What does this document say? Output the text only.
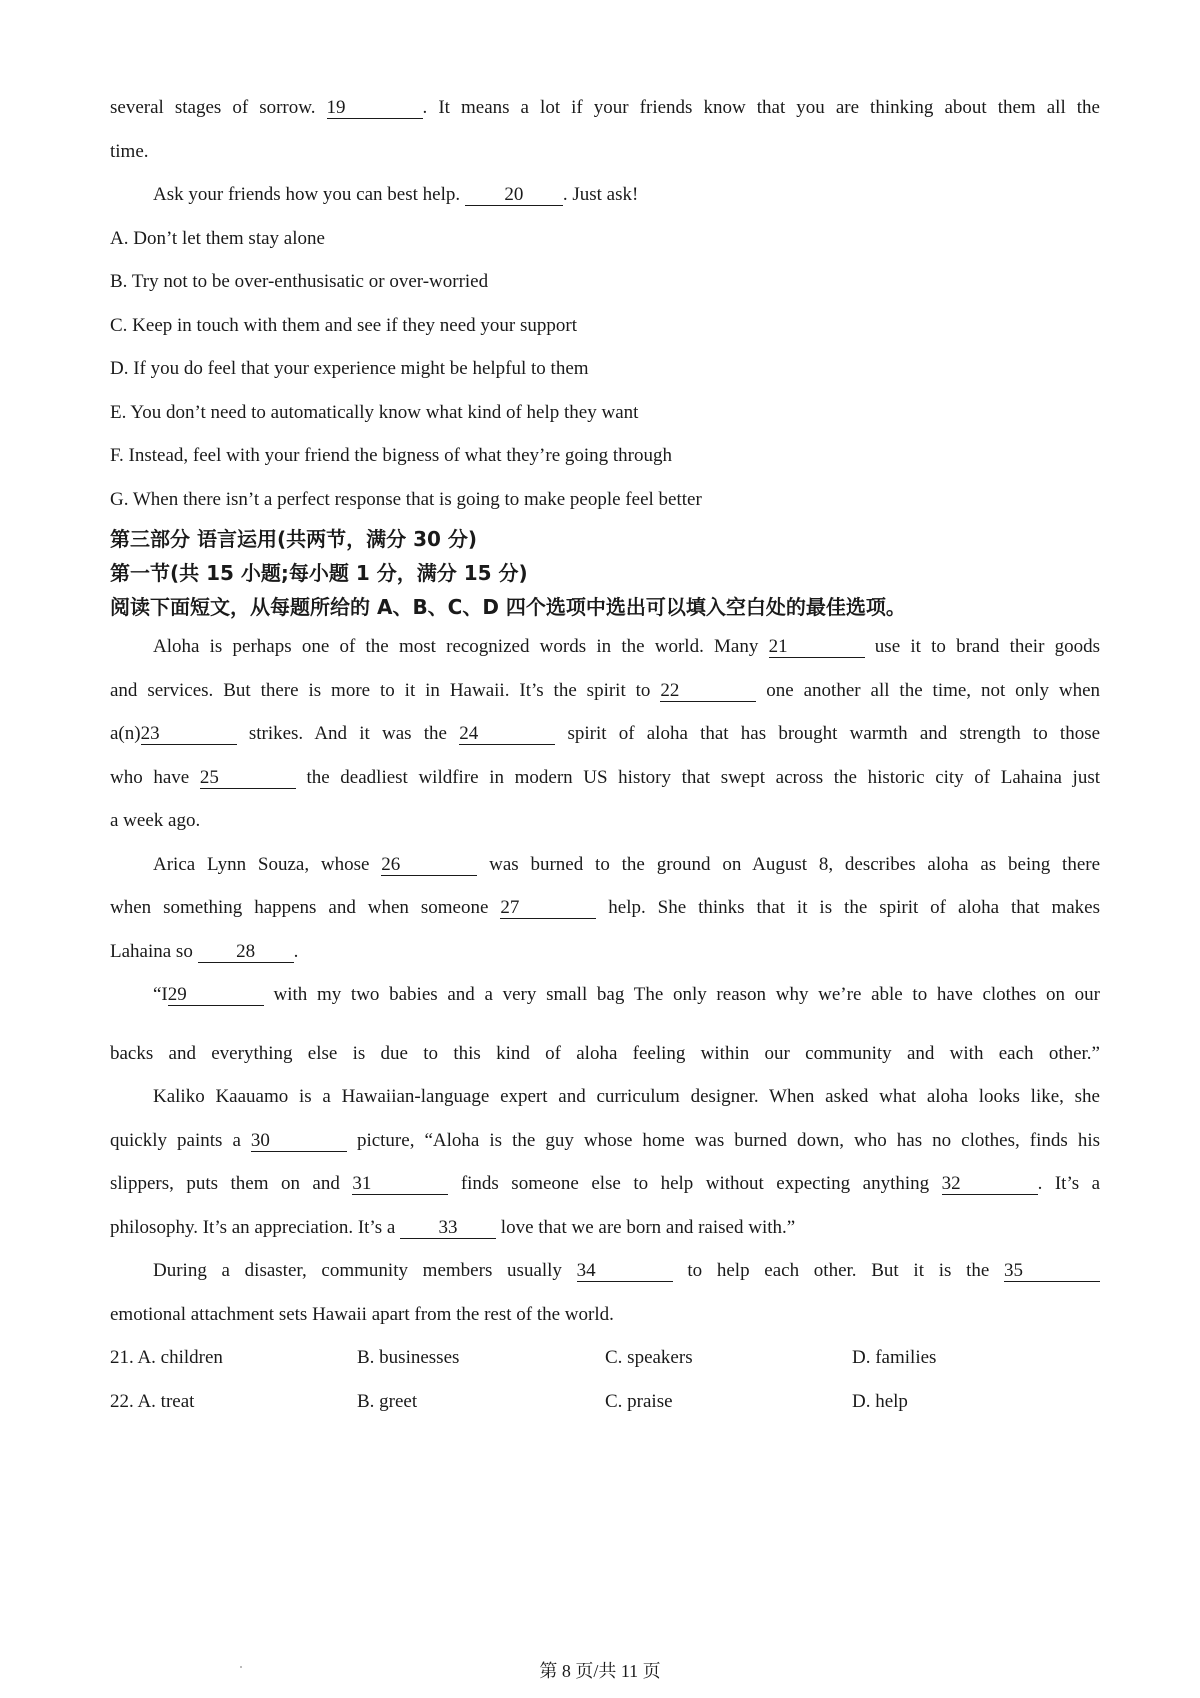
several stages of sorrow. 19	. It means a lot if your friends know that you are thinking about them all the
time.
Ask your friends how you can best help. 20 . Just ask!
A. Don’t let them stay alone
B. Try not to be over-enthusisatic or over-worried
C. Keep in touch with them and see if they need your support
D. If you do feel that your experience might be helpful to them
E. You don’t need to automatically know what kind of help they want
F. Instead, feel with your friend the bigness of what they’re going through
G. When there isn’t a perfect response that is going to make people feel better
第三部分 语言运用(共两节，满分 30 分)
第一节(共 15 小题;每小题 1 分，满分 15 分)
阅读下面短文，从每题所给的 A、B、C、D 四个选项中选出可以填入空白处的最佳选项。
Aloha is perhaps one of the most recognized words in the world. Many 21	use it to brand their goods
and services. But there is more to it in Hawaii. It’s the spirit to 22	one another all the time, not only when
a(n)23	strikes. And it was the 24	spirit of aloha that has brought warmth and strength to those
who have 25	the deadliest wildfire in modern US history that swept across the historic city of Lahaina just
a week ago.
Arica Lynn Souza, whose 26	was burned to the ground on August 8, describes aloha as being there
when something happens and when someone 27	help. She thinks that it is the spirit of aloha that makes
Lahaina so 28 .
“I29	with my two babies and a very small bag The only reason why we’re able to have clothes on our
backs and everything else is due to this kind of aloha feeling within our community and with each other.”
Kaliko Kaauamo is a Hawaiian-language expert and curriculum designer. When asked what aloha looks like, she
quickly paints a 30	picture, “Aloha is the guy whose home was burned down, who has no clothes, finds his
slippers, puts them on and 31	finds someone else to help without expecting anything 32	. It’s a
philosophy. It’s an appreciation. It’s a 33 love that we are born and raised with.”
During a disaster, community members usually 34	to help each other. But it is the 35
emotional attachment sets Hawaii apart from the rest of the world.
21. A. children	B. businesses	C. speakers	D. families
22. A. treat	B. greet	C. praise	D. help
第 8 页/共 11 页
